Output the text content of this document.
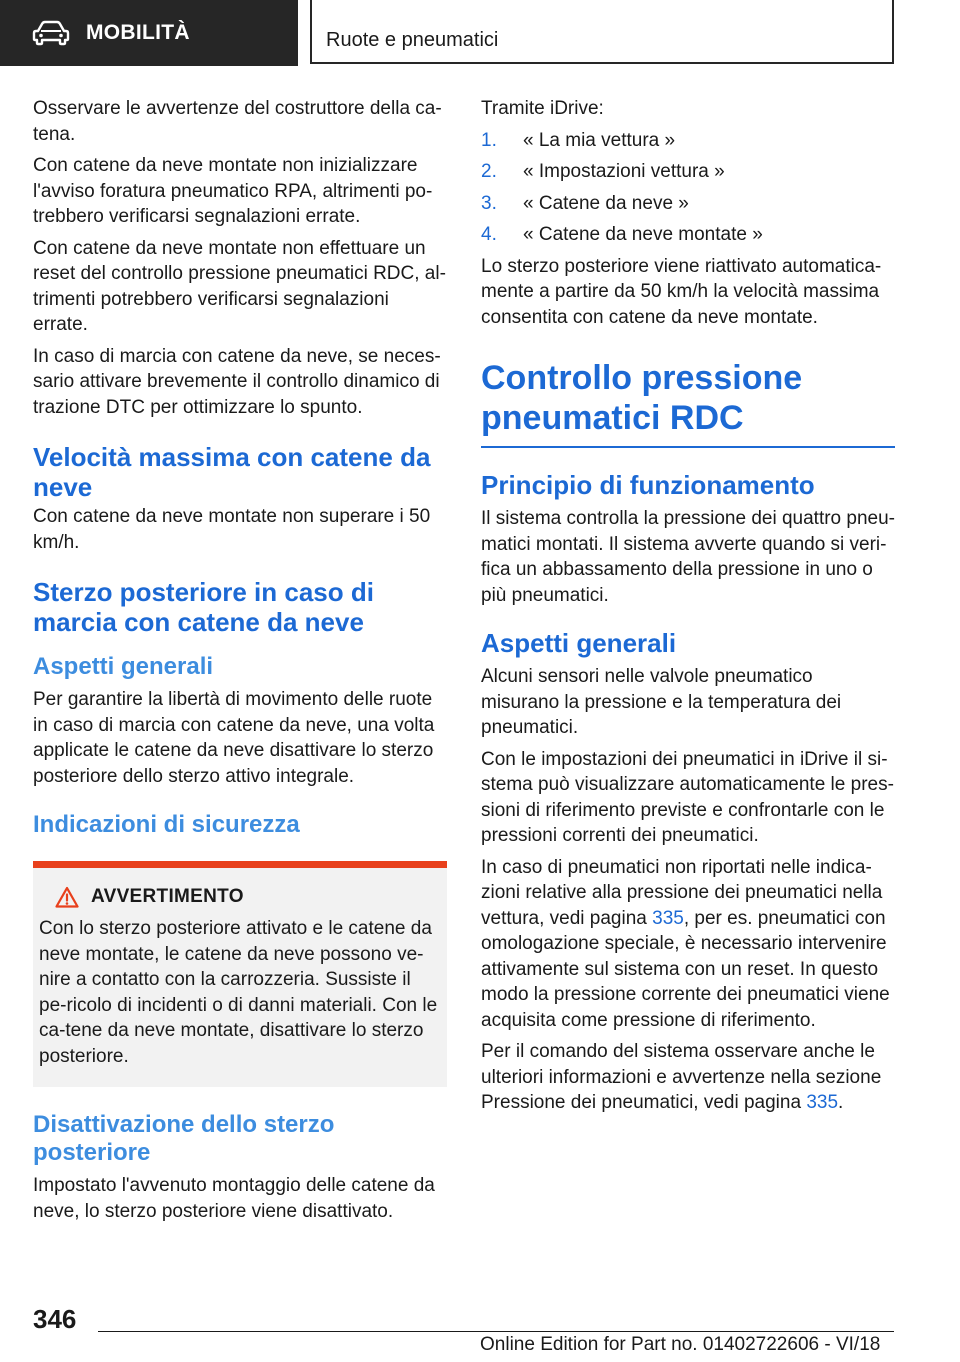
MOBILITÀ	Ruote e pneumatici

Osservare le avvertenze del costruttore della ca-tena.

Con catene da neve montate non inizializzare l'avviso foratura pneumatico RPA, altrimenti po-trebbero verificarsi segnalazioni errate.

Con catene da neve montate non effettuare un reset del controllo pressione pneumatici RDC, al-trimenti potrebbero verificarsi segnalazioni errate.

In caso di marcia con catene da neve, se neces-sario attivare brevemente il controllo dinamico di trazione DTC per ottimizzare lo spunto.

Velocità massima con catene da neve

Con catene da neve montate non superare i 50 km/h.

Sterzo posteriore in caso di marcia con catene da neve
Aspetti generali

Per garantire la libertà di movimento delle ruote in caso di marcia con catene da neve, una volta applicate le catene da neve disattivare lo sterzo posteriore dello sterzo attivo integrale.

Indicazioni di sicurezza
AVVERTIMENTO

Con lo sterzo posteriore attivato e le catene da neve montate, le catene da neve possono ve-nire a contatto con la carrozzeria. Sussiste il pe-ricolo di incidenti o di danni materiali. Con le ca-tene da neve montate, disattivare lo sterzo posteriore.

Disattivazione dello sterzo posteriore

Impostato l'avvenuto montaggio delle catene da neve, lo sterzo posteriore viene disattivato.

Tramite iDrive:

1.	« La mia vettura »
2.	« Impostazioni vettura »
3.	« Catene da neve »
4.	« Catene da neve montate »

Lo sterzo posteriore viene riattivato automatica-mente a partire da 50 km/h la velocità massima consentita con catene da neve montate.

Controllo pressione pneumatici RDC
Principio di funzionamento

Il sistema controlla la pressione dei quattro pneu-matici montati. Il sistema avverte quando si veri-fica un abbassamento della pressione in uno o più pneumatici.

Aspetti generali

Alcuni sensori nelle valvole pneumatico misurano la pressione e la temperatura dei pneumatici.

Con le impostazioni dei pneumatici in iDrive il si-stema può visualizzare automaticamente le pres-sioni di riferimento previste e confrontarle con le pressioni correnti dei pneumatici.

In caso di pneumatici non riportati nelle indica-zioni relative alla pressione dei pneumatici nella vettura, vedi pagina 335, per es. pneumatici con omologazione speciale, è necessario intervenire attivamente sul sistema con un reset. In questo modo la pressione corrente dei pneumatici viene acquisita come pressione di riferimento.

Per il comando del sistema osservare anche le ulteriori informazioni e avvertenze nella sezione Pressione dei pneumatici, vedi pagina 335.

346
Online Edition for Part no. 01402722606 - VI/18
